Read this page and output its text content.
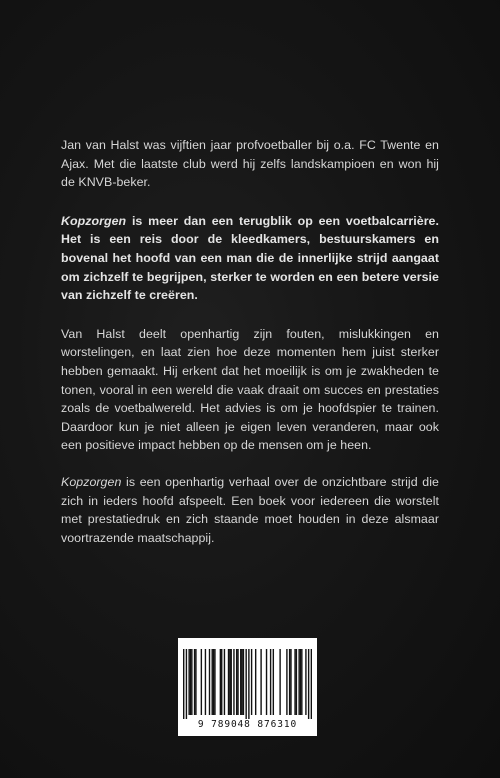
Jan van Halst was vijftien jaar profvoetballer bij o.a. FC Twente en Ajax. Met die laatste club werd hij zelfs landskampioen en won hij de KNVB-beker.

Kopzorgen is meer dan een terugblik op een voetbalcarrière. Het is een reis door de kleedkamers, bestuurskamers en bovenal het hoofd van een man die de innerlijke strijd aangaat om zichzelf te begrijpen, sterker te worden en een betere versie van zichzelf te creëren.

Van Halst deelt openhartig zijn fouten, mislukkingen en worstelingen, en laat zien hoe deze momenten hem juist sterker hebben gemaakt. Hij erkent dat het moeilijk is om je zwakheden te tonen, vooral in een wereld die vaak draait om succes en prestaties zoals de voetbalwereld. Het advies is om je hoofdspier te trainen. Daardoor kun je niet alleen je eigen leven veranderen, maar ook een positieve impact hebben op de mensen om je heen.

Kopzorgen is een openhartig verhaal over de onzichtbare strijd die zich in ieders hoofd afspeelt. Een boek voor iedereen die worstelt met prestatiedruk en zich staande moet houden in deze alsmaar voortrazende maatschappij.

9 789048 876310
